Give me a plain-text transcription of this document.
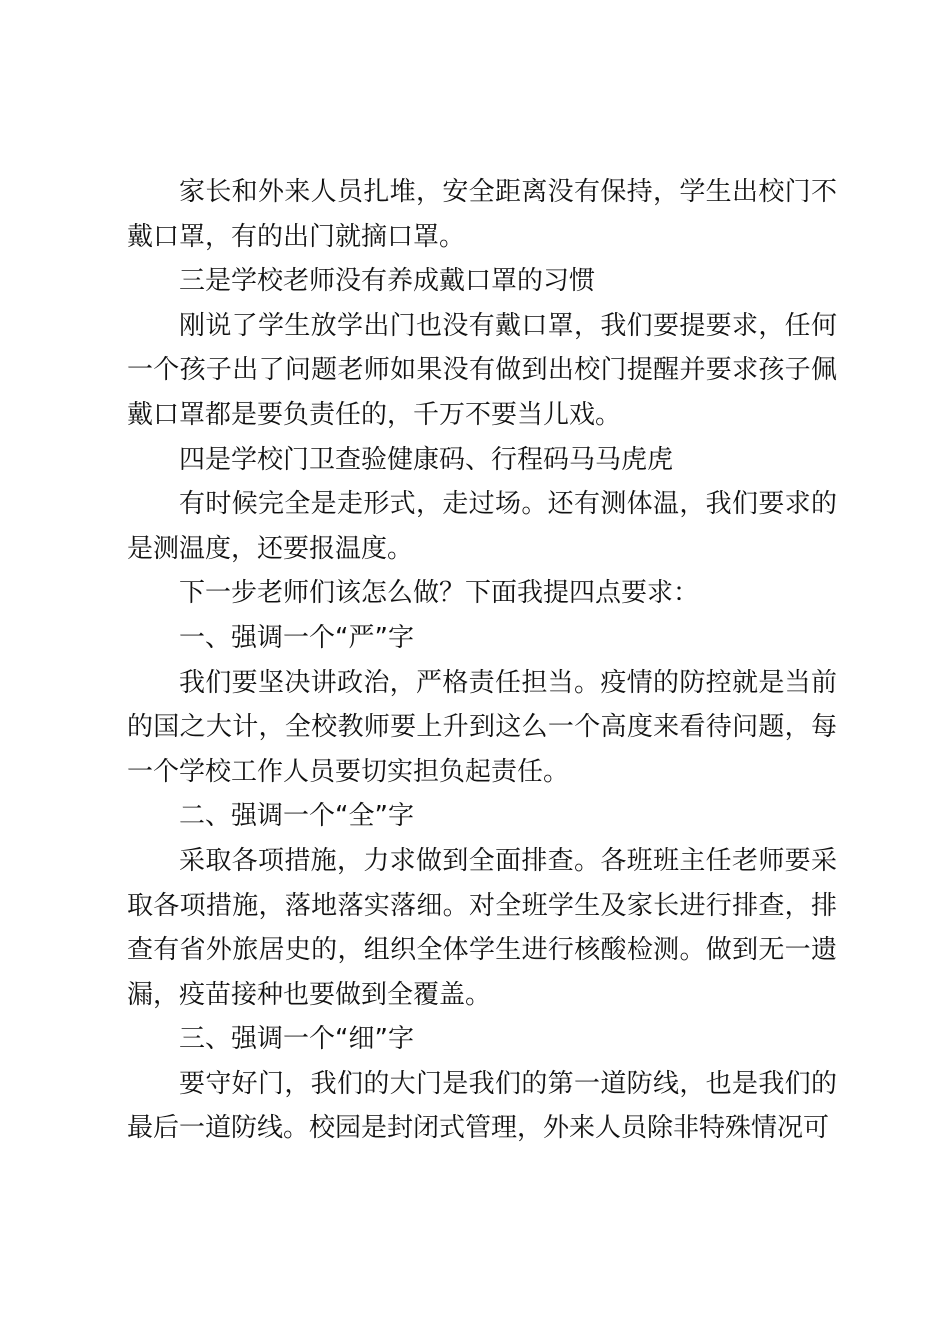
家长和外来人员扎堆，安全距离没有保持，学生出校门不戴口罩，有的出门就摘口罩。

三是学校老师没有养成戴口罩的习惯

刚说了学生放学出门也没有戴口罩，我们要提要求，任何一个孩子出了问题老师如果没有做到出校门提醒并要求孩子佩戴口罩都是要负责任的，千万不要当儿戏。

四是学校门卫查验健康码、行程码马马虎虎

有时候完全是走形式，走过场。还有测体温，我们要求的是测温度，还要报温度。

下一步老师们该怎么做？下面我提四点要求：

一、强调一个“严”字

我们要坚决讲政治，严格责任担当。疫情的防控就是当前的国之大计，全校教师要上升到这么一个高度来看待问题，每一个学校工作人员要切实担负起责任。

二、强调一个“全”字

采取各项措施，力求做到全面排查。各班班主任老师要采取各项措施，落地落实落细。对全班学生及家长进行排查，排查有省外旅居史的，组织全体学生进行核酸检测。做到无一遗漏，疫苗接种也要做到全覆盖。

三、强调一个“细”字

要守好门，我们的大门是我们的第一道防线，也是我们的最后一道防线。校园是封闭式管理，外来人员除非特殊情况可
